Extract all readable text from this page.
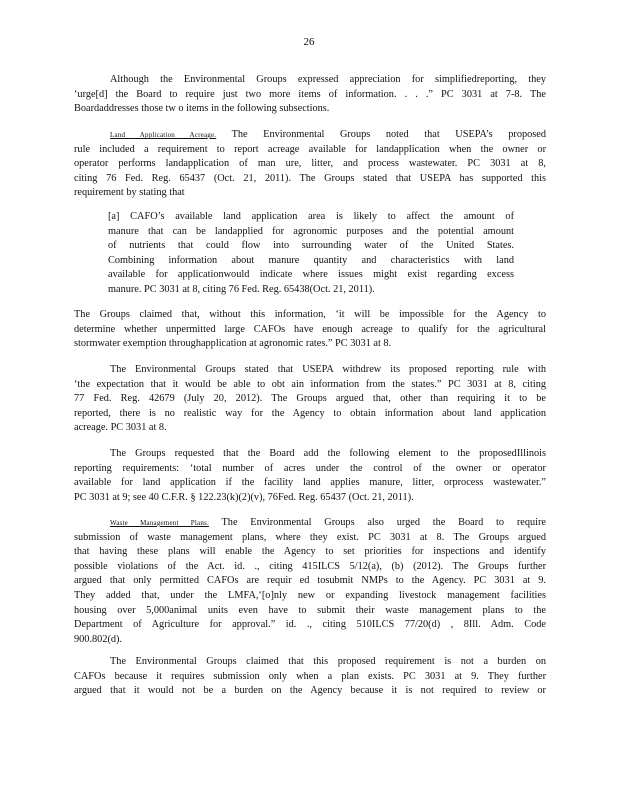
26
Although the Environmental Groups expressed appreciation for simplifiedreporting, they
‘urge[d] the Board to require just two more items of information. . . .” PC 3031 at 7-8. The
Boardaddresses those tw o items in the following subsections.
Land Application Acreage. The Environmental Groups noted that USEPA’s proposed
rule included a requirement to report acreage available for landapplication when the owner or
operator performs landapplication of man ure, litter, and process wastewater. PC 3031 at 8,
citing 76 Fed. Reg. 65437 (Oct. 21, 2011). The Groups stated that USEPA has supported this
requirement by stating that
[a] CAFO’s available land application area is likely to affect the amount of
manure that can be landapplied for agronomic purposes and the potential amount
of nutrients that could flow into surrounding water of the United States.
Combining information about manure quantity and characteristics with land
available for applicationwould indicate where issues might exist regarding excess
manure. PC 3031 at 8, citing 76 Fed. Reg. 65438(Oct. 21, 2011).
The Groups claimed that, without this information, ‘it will be impossible for the Agency to
determine whether unpermitted large CAFOs have enough acreage to qualify for the agricultural
stormwater exemption throughapplication at agronomic rates.” PC 3031 at 8.
The Environmental Groups stated that USEPA withdrew its proposed reporting rule with
‘the expectation that it would be able to obt ain information from the states.” PC 3031 at 8, citing
77 Fed. Reg. 42679 (July 20, 2012). The Groups argued that, other than requiring it to be
reported, there is no realistic way for the Agency to obtain information about land application
acreage. PC 3031 at 8.
The Groups requested that the Board add the following element to the proposedIllinois
reporting requirements: ‘total number of acres under the control of the owner or operator
available for land application if the facility land applies manure, litter, orprocess wastewater.”
PC 3031 at 9; see 40 C.F.R. § 122.23(k)(2)(v), 76Fed. Reg. 65437 (Oct. 21, 2011).
Waste Management Plans. The Environmental Groups also urged the Board to require
submission of waste management plans, where they exist. PC 3031 at 8. The Groups argued
that having these plans will enable the Agency to set priorities for inspections and identify
possible violations of the Act. id. ., citing 415ILCS 5/12(a), (b) (2012). The Groups further
argued that only permitted CAFOs are requir ed tosubmit NMPs to the Agency. PC 3031 at 9.
They added that, under the LMFA,‘[o]nly new or expanding livestock management facilities
housing over 5,000animal units even have to submit their waste management plans to the
Department of Agriculture for approval.” id. ., citing 510ILCS 77/20(d) , 8Ill. Adm. Code
900.802(d).
The Environmental Groups claimed that this proposed requirement is not a burden on
CAFOs because it requires submission only when a plan exists. PC 3031 at 9. They further
argued that it would not be a burden on the Agency because it is not required to review or
